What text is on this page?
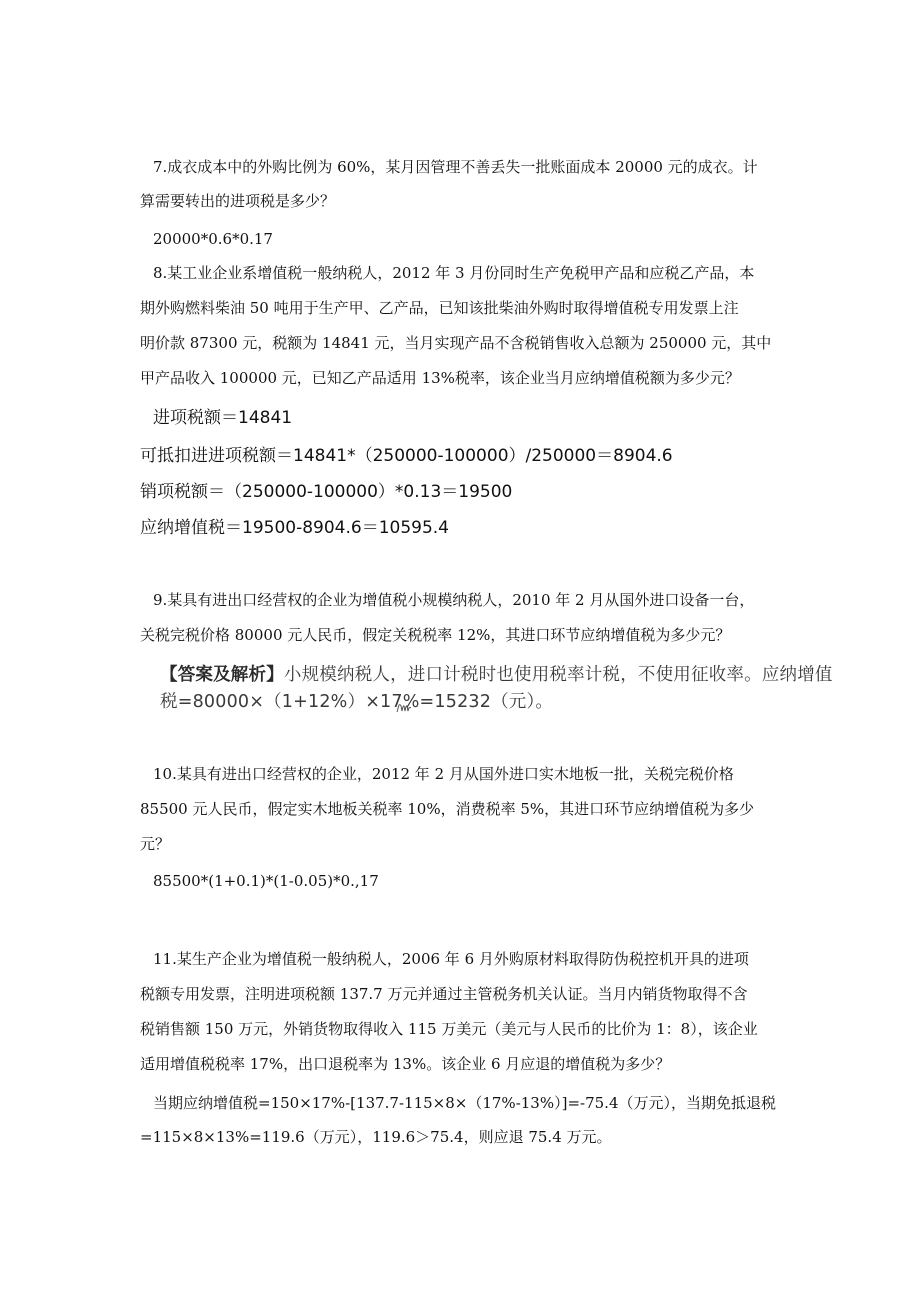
7.成衣成本中的外购比例为 60%，某月因管理不善丢失一批账面成本 20000 元的成衣。计
算需要转出的进项税是多少？
20000*0.6*0.17
8.某工业企业系增值税一般纳税人，2012 年 3 月份同时生产免税甲产品和应税乙产品，本
期外购燃料柴油 50 吨用于生产甲、乙产品，已知该批柴油外购时取得增值税专用发票上注
明价款 87300 元，税额为 14841 元，当月实现产品不含税销售收入总额为 250000 元，其中
甲产品收入 100000 元，已知乙产品适用 13%税率，该企业当月应纳增值税额为多少元？
进项税额＝14841
可抵扣进进项税额＝14841*（250000-100000）/250000＝8904.6
销项税额＝（250000-100000）*0.13＝19500
应纳增值税＝19500-8904.6＝10595.4
9.某具有进出口经营权的企业为增值税小规模纳税人，2010 年 2 月从国外进口设备一台，
关税完税价格 80000 元人民币，假定关税税率 12%，其进口环节应纳增值税为多少元？
【答案及解析】小规模纳税人，进口计税时也使用税率计税，不使用征收率。应纳增值
税=80000×（1+12%）×17%=15232（元）。
10.某具有进出口经营权的企业，2012 年 2 月从国外进口实木地板一批，关税完税价格
85500 元人民币，假定实木地板关税率 10%，消费税率 5%，其进口环节应纳增值税为多少
元？
85500*(1+0.1)*(1-0.05)*0.,17
11.某生产企业为增值税一般纳税人，2006 年 6 月外购原材料取得防伪税控机开具的进项
税额专用发票，注明进项税额 137.7 万元并通过主管税务机关认证。当月内销货物取得不含
税销售额 150 万元，外销货物取得收入 115 万美元（美元与人民币的比价为 1：8），该企业
适用增值税税率 17%，出口退税率为 13%。该企业 6 月应退的增值税为多少？
当期应纳增值税=150×17%-[137.7-115×8×（17%-13%）]=-75.4（万元），当期免抵退税
=115×8×13%=119.6（万元），119.6＞75.4，则应退 75.4 万元。
